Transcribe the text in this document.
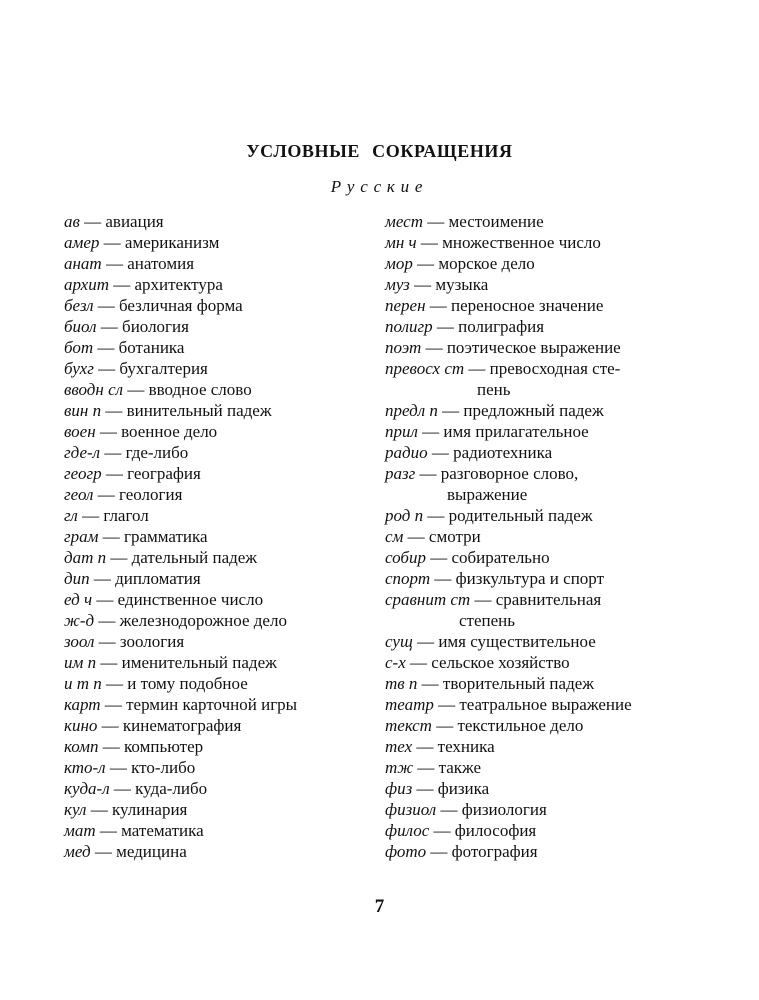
УСЛОВНЫЕ СОКРАЩЕНИЯ
Русские
ав — авиация
амер — американизм
анат — анатомия
архит — архитектура
безл — безличная форма
биол — биология
бот — ботаника
бухг — бухгалтерия
вводн сл — вводное слово
вин п — винительный падеж
воен — военное дело
где-л — где-либо
геогр — география
геол — геология
гл — глагол
грам — грамматика
дат п — дательный падеж
дип — дипломатия
ед ч — единственное число
ж-д — железнодорожное дело
зоол — зоология
им п — именительный падеж
и т п — и тому подобное
карт — термин карточной игры
кино — кинематография
комп — компьютер
кто-л — кто-либо
куда-л — куда-либо
кул — кулинария
мат — математика
мед — медицина
мест — местоимение
мн ч — множественное число
мор — морское дело
муз — музыка
перен — переносное значение
полигр — полиграфия
поэт — поэтическое выражение
превосх ст — превосходная сте-
пень
предл п — предложный падеж
прил — имя прилагательное
радио — радиотехника
разг — разговорное слово,
выражение
род п — родительный падеж
см — смотри
собир — собирательно
спорт — физкультура и спорт
сравнит ст — сравнительная
степень
сущ — имя существительное
с-х — сельское хозяйство
тв п — творительный падеж
театр — театральное выражение
текст — текстильное дело
тех — техника
тж — также
физ — физика
физиол — физиология
филос — философия
фото — фотография
7
